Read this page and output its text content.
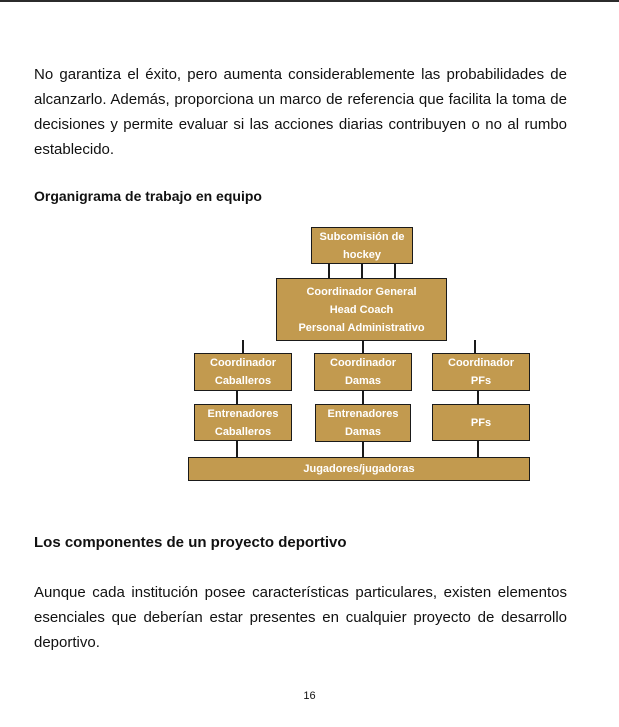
No garantiza el éxito, pero aumenta considerablemente las probabilidades de alcanzarlo. Además, proporciona un marco de referencia que facilita la toma de decisiones y permite evaluar si las acciones diarias contribuyen o no al rumbo establecido.

Organigrama de trabajo en equipo

Subcomisión de
hockey
Coordinador General
Head Coach
Personal Administrativo
Coordinador
Caballeros
Coordinador
Damas
Coordinador
PFs
Entrenadores
Caballeros
Entrenadores
Damas
PFs
Jugadores/jugadoras

Los componentes de un proyecto deportivo

Aunque cada institución posee características particulares, existen elementos esenciales que deberían estar presentes en cualquier proyecto de desarrollo deportivo.

16
